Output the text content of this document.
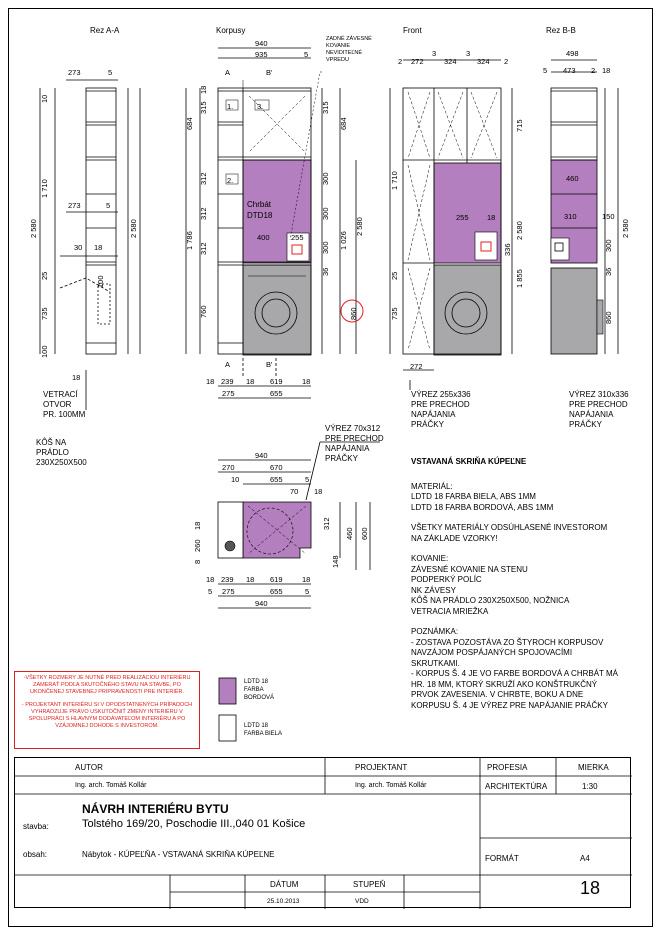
Rez A-A	Korpusy	Front	Rez B-B
273	5
10
1 710
2 580
273	5
30 18
25	100
735
100
18
2 580
940
935	5
A	B'
A	B'
1.
2.
3.
Chrbát
DTD18
400	255
18
315
684
312
312
312
1 786
760
315
684
300
300
300
36
1 026
2 580
860
18 239 18 619	18
275	655
ZADNÉ ZÁVESNÉ
KOVANIE
NEVIDITEĽNÉ
VPREDU	2 272
3
324
3
324 2
715
1 710
2 580
255 18
336
1 855
25
735
272
498
5 473 2 18
460
310	150
300
36
860
2 580
940
270	670
10	655	5
70 18
312
460 600
148
18
260
8
18 239 18 619	18
5 275	655	5
940
VETRACÍ
OTVOR
PR. 100MM
KÔŠ NA
PRÁDLO
230X250X500
VÝREZ 255x336
PRE PRECHOD
NAPÁJANIA
PRÁČKY
VÝREZ 310x336
PRE PRECHOD
NAPÁJANIA
PRÁČKY
VÝREZ 70x312
PRE PRECHOD
NAPÁJANIA
PRÁČKY	VSTAVANÁ SKRIŇA KÚPEĽNE

MATERIÁL:

LDTD 18 FARBA BIELA, ABS 1MM

LDTD 18 FARBA BORDOVÁ, ABS 1MM

VŠETKY MATERIÁLY ODSÚHLASENÉ INVESTOROM

NA ZÁKLADE VZORKY!

KOVANIE:

ZÁVESNÉ KOVANIE NA STENU

PODPERKÝ POLÍC

NK ZÁVESY

KÔŠ NA PRÁDLO 230X250X500, NOŽNICA

VETRACIA MRIEŽKA

POZNÁMKA:

- ZOSTAVA POZOSTÁVA ZO ŠTYROCH KORPUSOV

NAVZÁJOM POSPÁJANÝCH SPOJOVACÍMI

SKRUTKAMI.

- KORPUS Š. 4 JE VO FARBE BORDOVÁ A CHRBÁT MÁ

HR. 18 MM, KTORÝ SKRUŽÍ AKO KONŠTRUKČNÝ

PRVOK ZAVESENIA. V CHRBTE, BOKU A DNE

KORPUSU Š. 4 JE VÝREZ PRE NAPÁJANIE PRÁČKY

-VŠETKY ROZMERY JE NUTNÉ PRED REALIZÁCIOU INTERIÉRU ZAMERAŤ PODĽA SKUTOČNÉHO STAVU NA STAVBE, PO UKONČENEJ STAVEBNEJ PRIPRAVENOSTI PRE INTERIÉR.
- PROJEKTANT INTERIÉRU SI V OPODSTATNENÝCH PRÍPADOCH VYHRADZUJE PRÁVO USKUTOČNIŤ ZMENY INTERIÉRU V SPOLUPRÁCI S HLAVNÝM DODÁVATEĽOM INTERIÉRU A PO VZÁJOMNEJ DOHODE S INVESTOROM.
LDTD 18
FARBA
BORDOVÁ
LDTD 18
FARBA BIELA
AUTOR
Ing. arch. Tomáš Kollár
PROJEKTANT
Ing. arch. Tomáš Kollár
PROFESIA
ARCHITEKTÚRA
MIERKA
1:30
NÁVRH INTERIÉRU BYTU
stavba:	Tolstého 169/20, Poschodie III.,040 01 Košice
obsah:	Nábytok - KÚPEĽŇA - VSTAVANÁ SKRIŇA KÚPEĽNE	FORMÁT	A4
DÁTUM
25.10.2013
STUPEŇ
VDD
18
